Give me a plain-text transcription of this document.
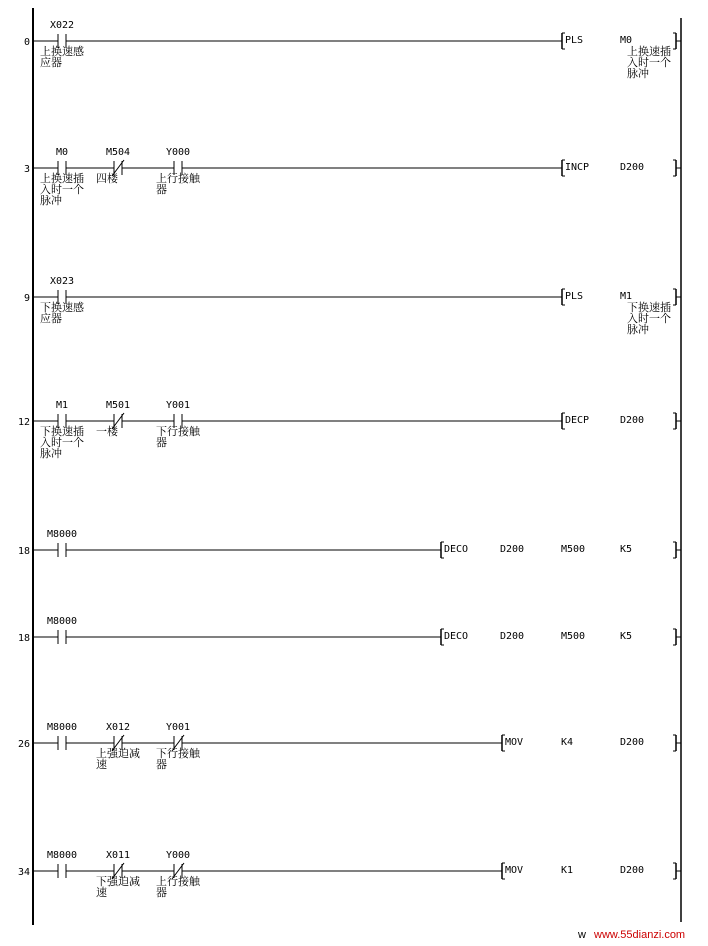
0
X022
上换速感
应器
PLS	M0
上换速插
入时一个
脉冲
3
M0
上换速插
入时一个
脉冲
M504
四楼
Y000
上行接触
器
INCP	D200
9
X023
下换速感
应器
PLS	M1
下换速插
入时一个
脉冲
12
M1
下换速插
入时一个
脉冲
M501
一楼
Y001
下行接触
器
DECP	D200
18
M8000
DECO	D200	M500	K5
18
M8000
DECO	D200	M500	K5
26
M8000	X012
上强迫减
速
Y001
下行接触
器
MOV	K4	D200
34
M8000	X011
下强迫减
速
Y000
上行接触
器
MOV	K1	D200
w www.55dianzi.com
